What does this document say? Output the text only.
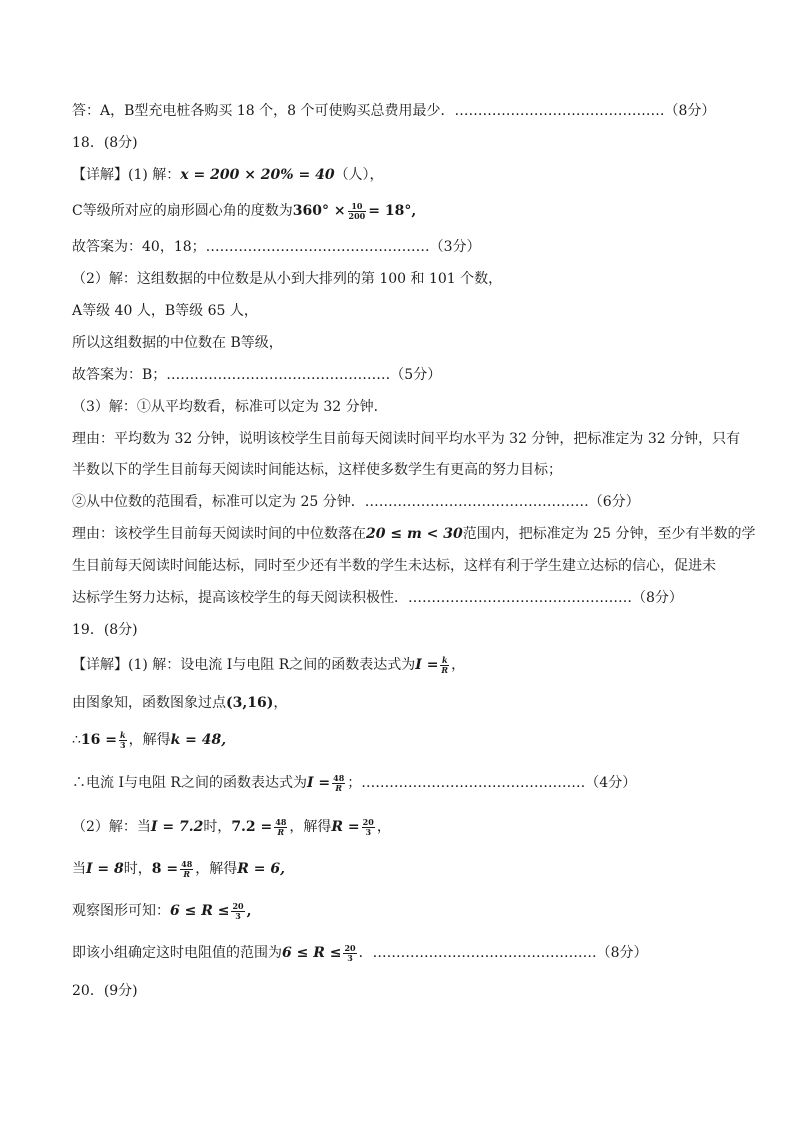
答：A，B型充电桩各购买 18 个，8 个可使购买总费用最少．………………………………………（8分）
18．(8分)
【详解】(1) 解：x = 200 × 20% = 40（人），
C等级所对应的扇形圆心角的度数为$360^\circ \times \frac{10}{200} = 18^\circ$,
故答案为：40，18；…………………………………………（3分）
（2）解：这组数据的中位数是从小到大排列的第 100 和 101 个数，
A等级 40 人，B等级 65 人，
所以这组数据的中位数在 B等级，
故答案为：B；…………………………………………（5分）
（3）解：①从平均数看，标准可以定为 32 分钟．
理由：平均数为 32 分钟，说明该校学生目前每天阅读时间平均水平为 32 分钟，把标准定为 32 分钟，只有
半数以下的学生目前每天阅读时间能达标，这样使多数学生有更高的努力目标；
②从中位数的范围看，标准可以定为 25 分钟．…………………………………………（6分）
理由：该校学生目前每天阅读时间的中位数落在20 ≤ m < 30范围内，把标准定为 25 分钟，至少有半数的学
生目前每天阅读时间能达标，同时至少还有半数的学生未达标，这样有利于学生建立达标的信心，促进未
达标学生努力达标，提高该校学生的每天阅读积极性．…………………………………………（8分）
19．(8分)
【详解】(1) 解：设电流 I与电阻 R之间的函数表达式为$I = \frac{k}{R}$ ，
由图象知，函数图象过点(3,16)，
∴16 = $\frac{k}{3}$ ，解得k = 48,
∴电流 I与电阻 R之间的函数表达式为$I = \frac{48}{R}$ ；…………………………………………（4分）
（2）解：当I = 7.2时，$7.2 = \frac{48}{R}$ ，解得$R = \frac{20}{3}$ ，
当I = 8时，$8 = \frac{48}{R}$ ，解得R = 6,
观察图形可知：$6 \le R \le \frac{20}{3}$ ,
即该小组确定这时电阻值的范围为$6 \le R \le \frac{20}{3}$ ．…………………………………………（8分）
20．(9分)
